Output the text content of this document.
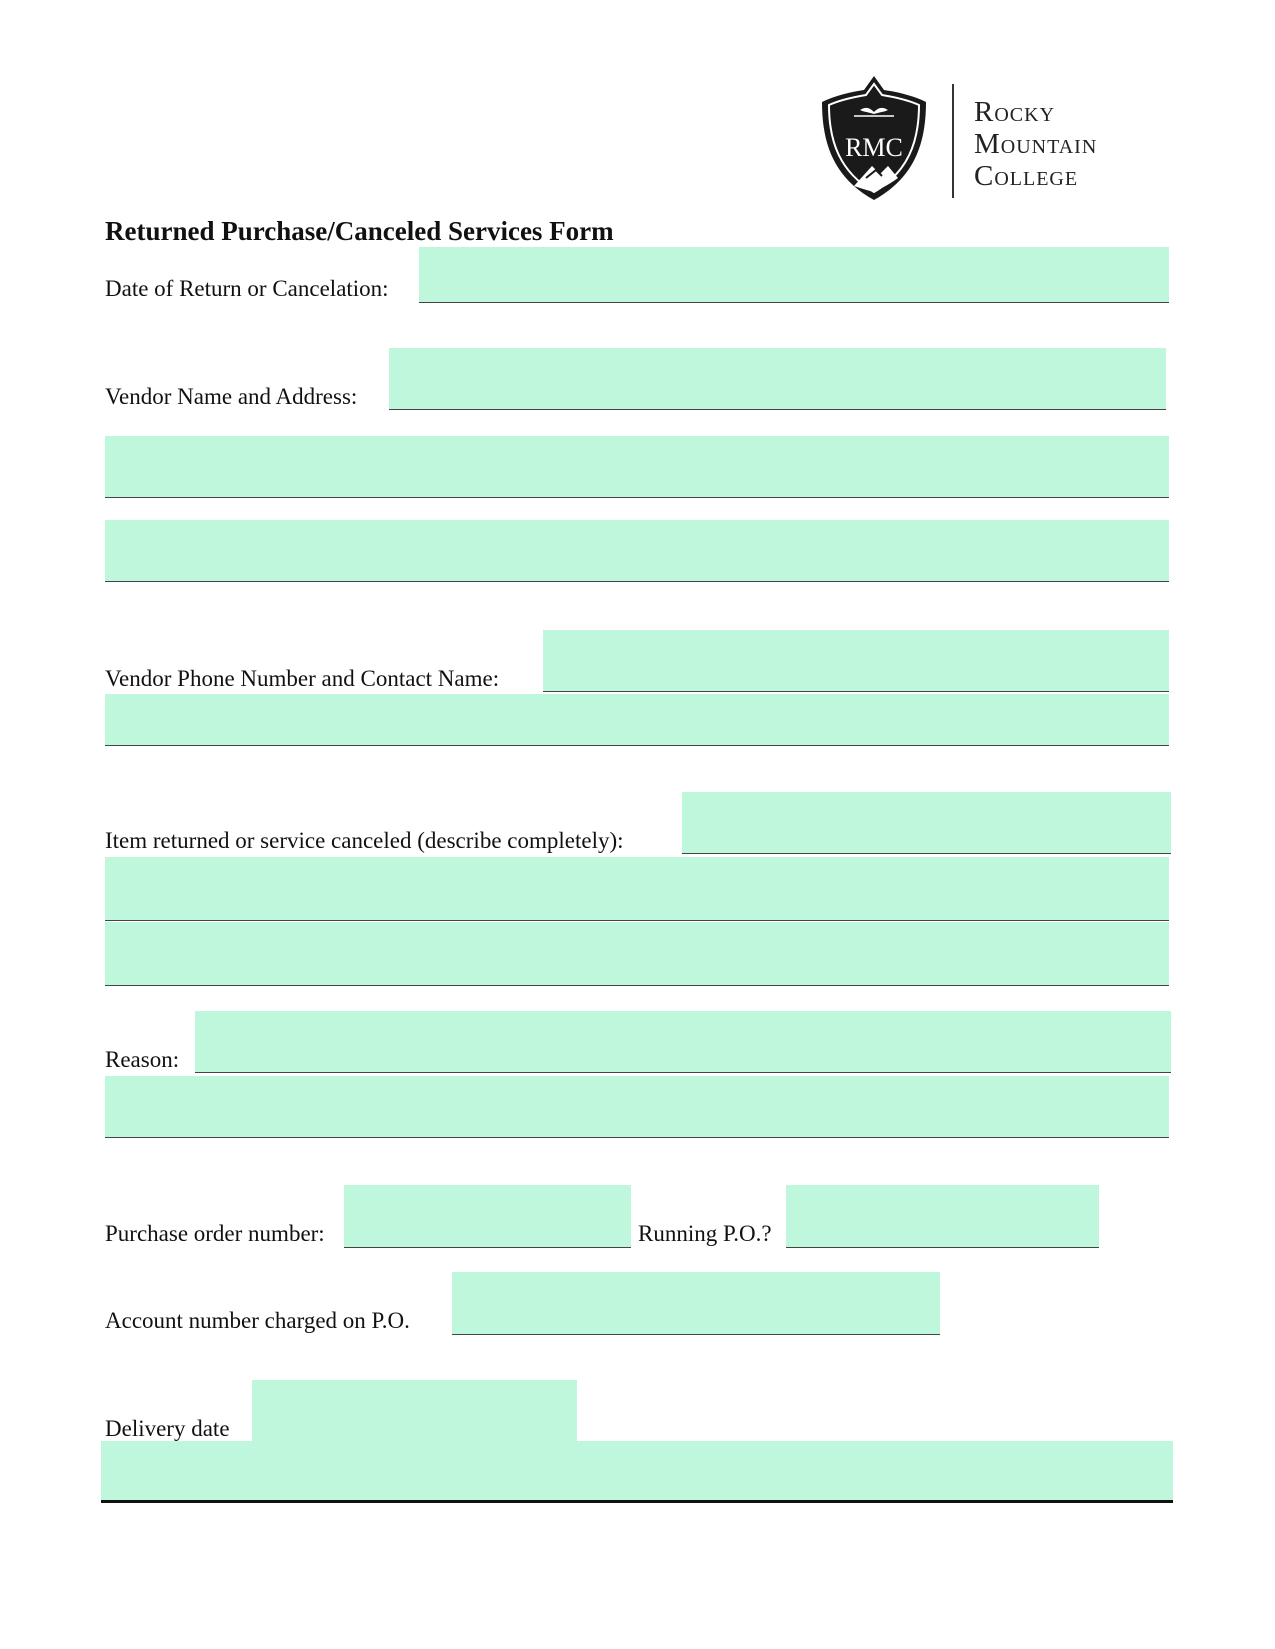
RMC
Rocky
Mountain
College
Returned Purchase/Canceled Services Form
Date of Return or Cancelation:
Vendor Name and Address:
Vendor Phone Number and Contact Name:
Item returned or service canceled (describe completely):
Reason:
Purchase order number:	Running P.O.?
Account number charged on P.O.
Delivery date
